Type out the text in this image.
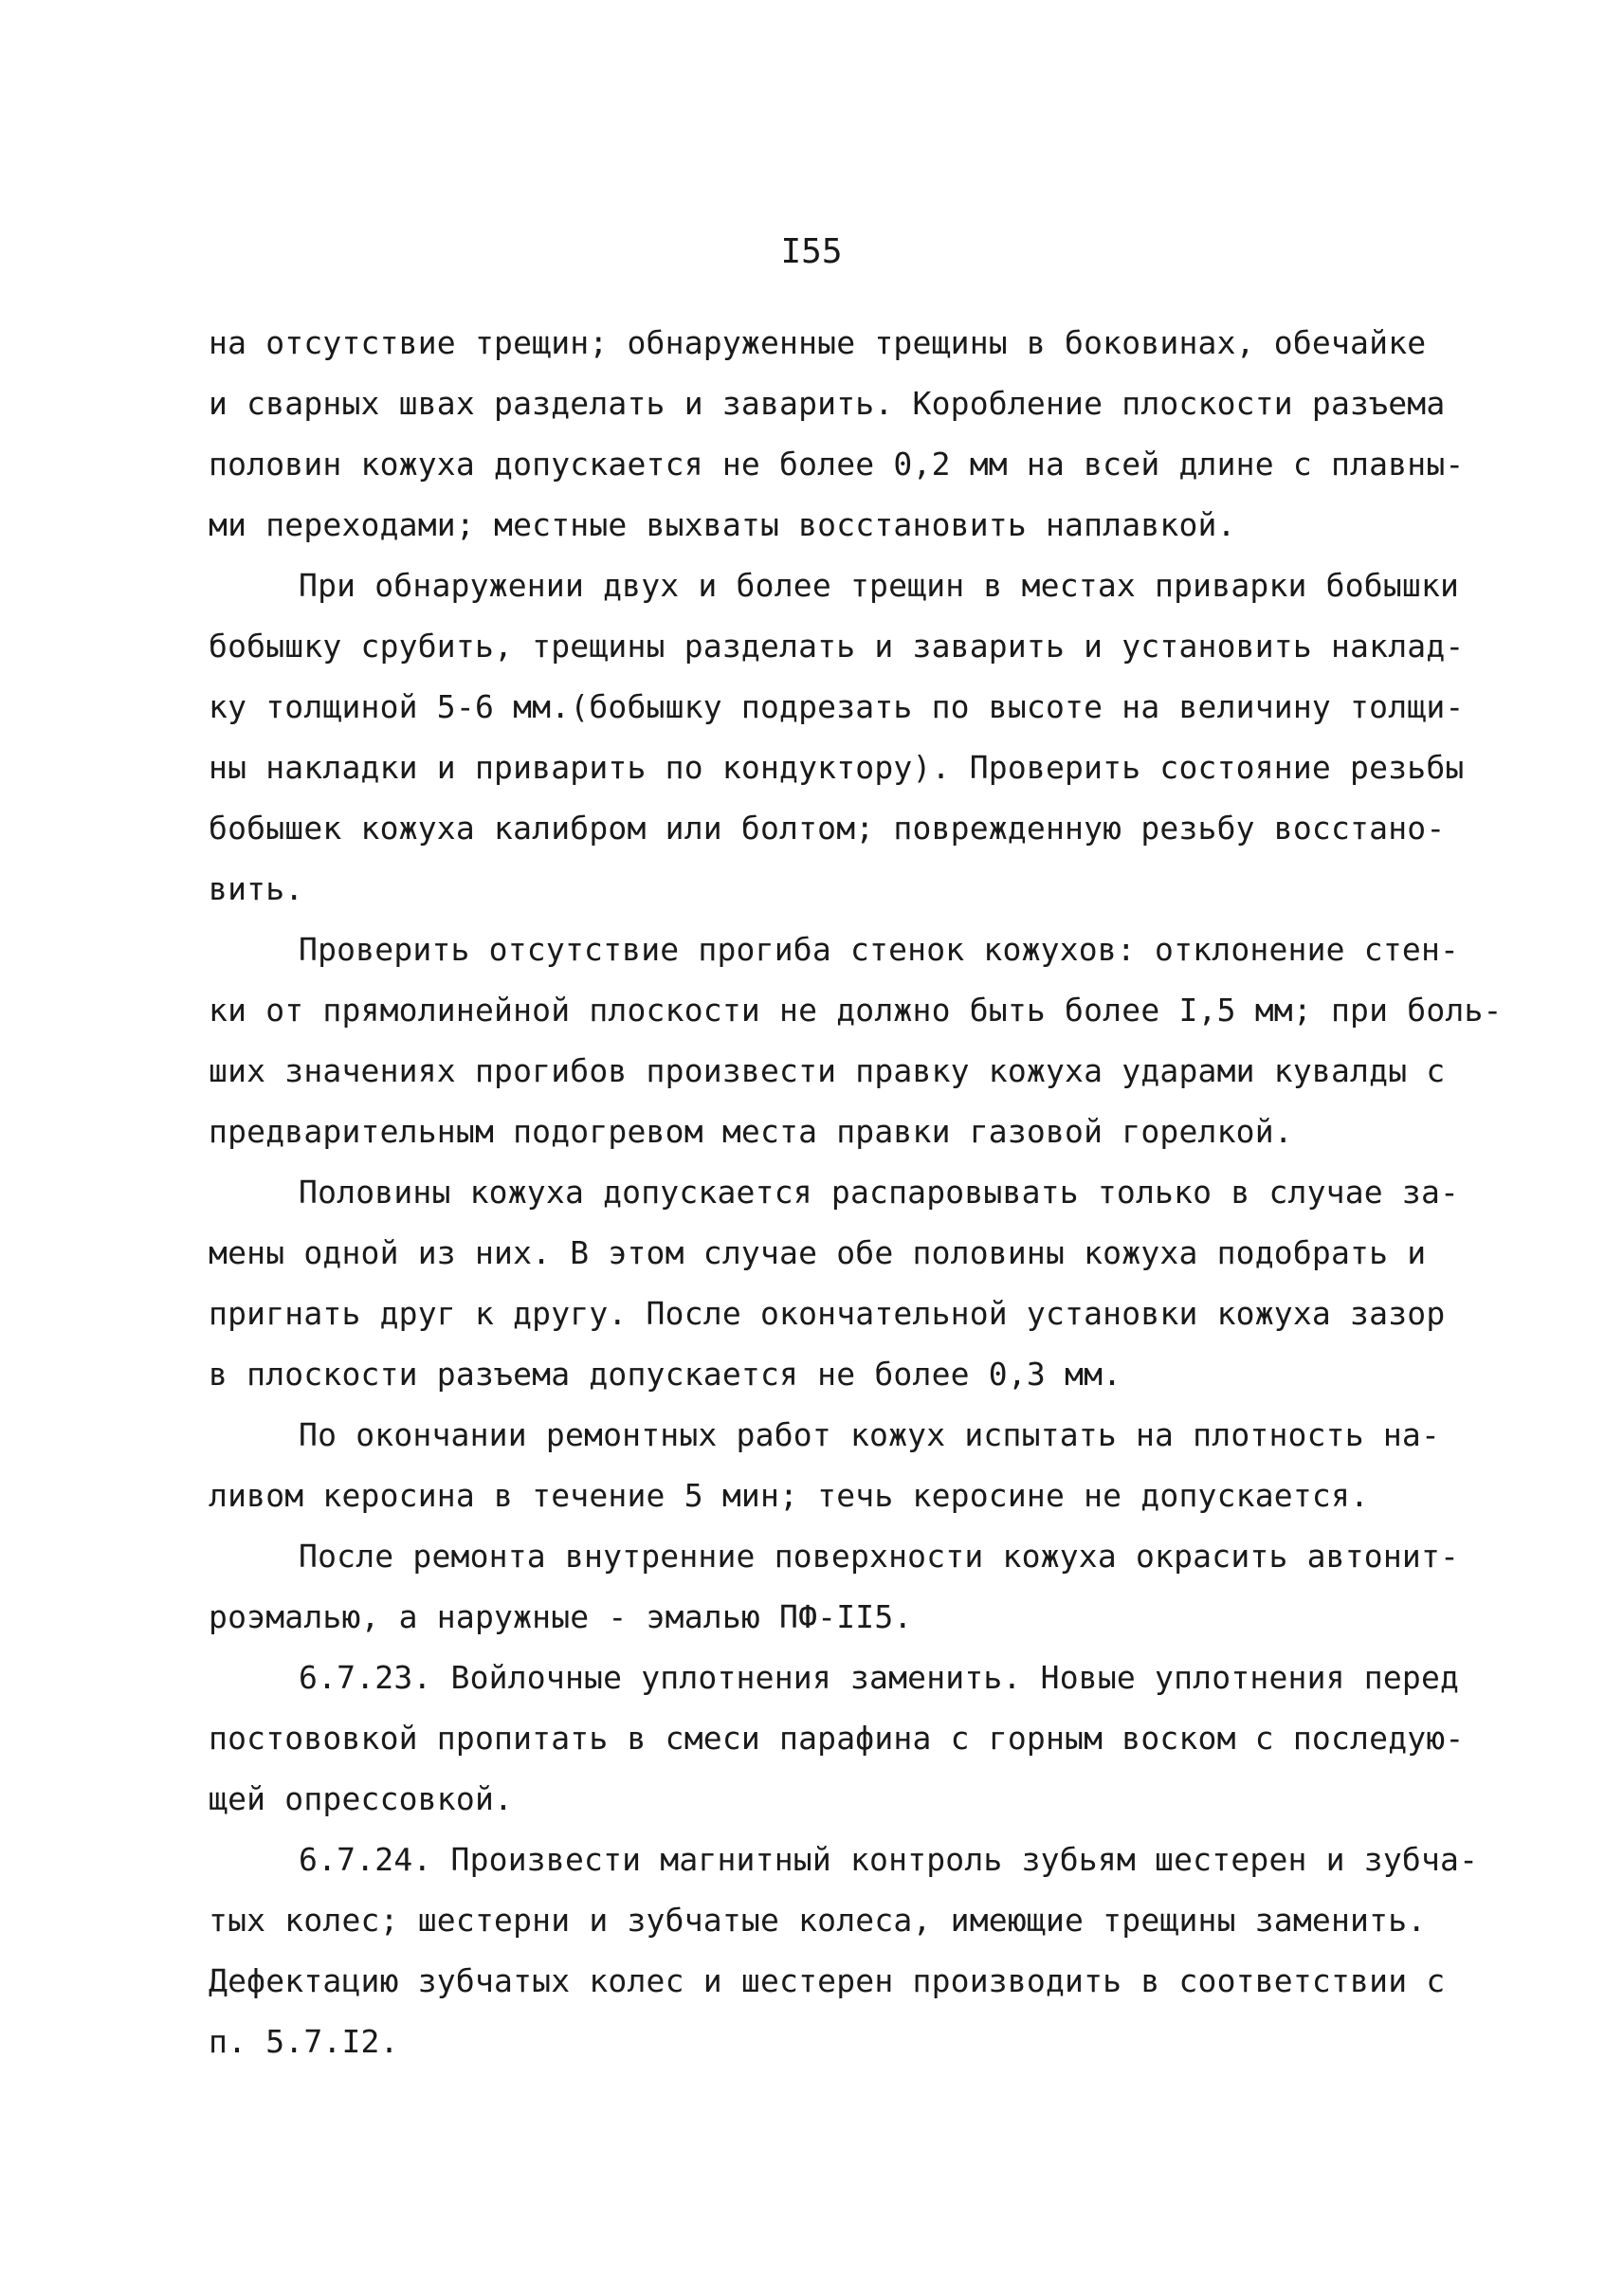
I55
на отсутствие трещин; обнаруженные трещины в боковинах, обечайке
и сварных швах разделать и заварить. Коробление плоскости разъема
половин кожуха допускается не более 0,2 мм на всей длине с плавны-
ми переходами; местные выхваты восстановить наплавкой.
При обнаружении двух и более трещин в местах приварки бобышки
бобышку срубить, трещины разделать и заварить и установить наклад-
ку толщиной 5-6 мм.(бобышку подрезать по высоте на величину толщи-
ны накладки и приварить по кондуктору). Проверить состояние резьбы
бобышек кожуха калибром или болтом; поврежденную резьбу восстано-
вить.
Проверить отсутствие прогиба стенок кожухов: отклонение стен-
ки от прямолинейной плоскости не должно быть более I,5 мм; при боль-
ших значениях прогибов произвести правку кожуха ударами кувалды с
предварительным подогревом места правки газовой горелкой.
Половины кожуха допускается распаровывать только в случае за-
мены одной из них. В этом случае обе половины кожуха подобрать и
пригнать друг к другу. После окончательной установки кожуха зазор
в плоскости разъема допускается не более 0,3 мм.
По окончании ремонтных работ кожух испытать на плотность на-
ливом керосина в течение 5 мин; течь керосине не допускается.
После ремонта внутренние поверхности кожуха окрасить автонит-
роэмалью, а наружные - эмалью ПФ-II5.
6.7.23. Войлочные уплотнения заменить. Новые уплотнения перед
постововкой пропитать в смеси парафина с горным воском с последую-
щей опрессовкой.
6.7.24. Произвести магнитный контроль зубьям шестерен и зубча-
тых колес; шестерни и зубчатые колеса, имеющие трещины заменить.
Дефектацию зубчатых колес и шестерен производить в соответствии с
п. 5.7.I2.
